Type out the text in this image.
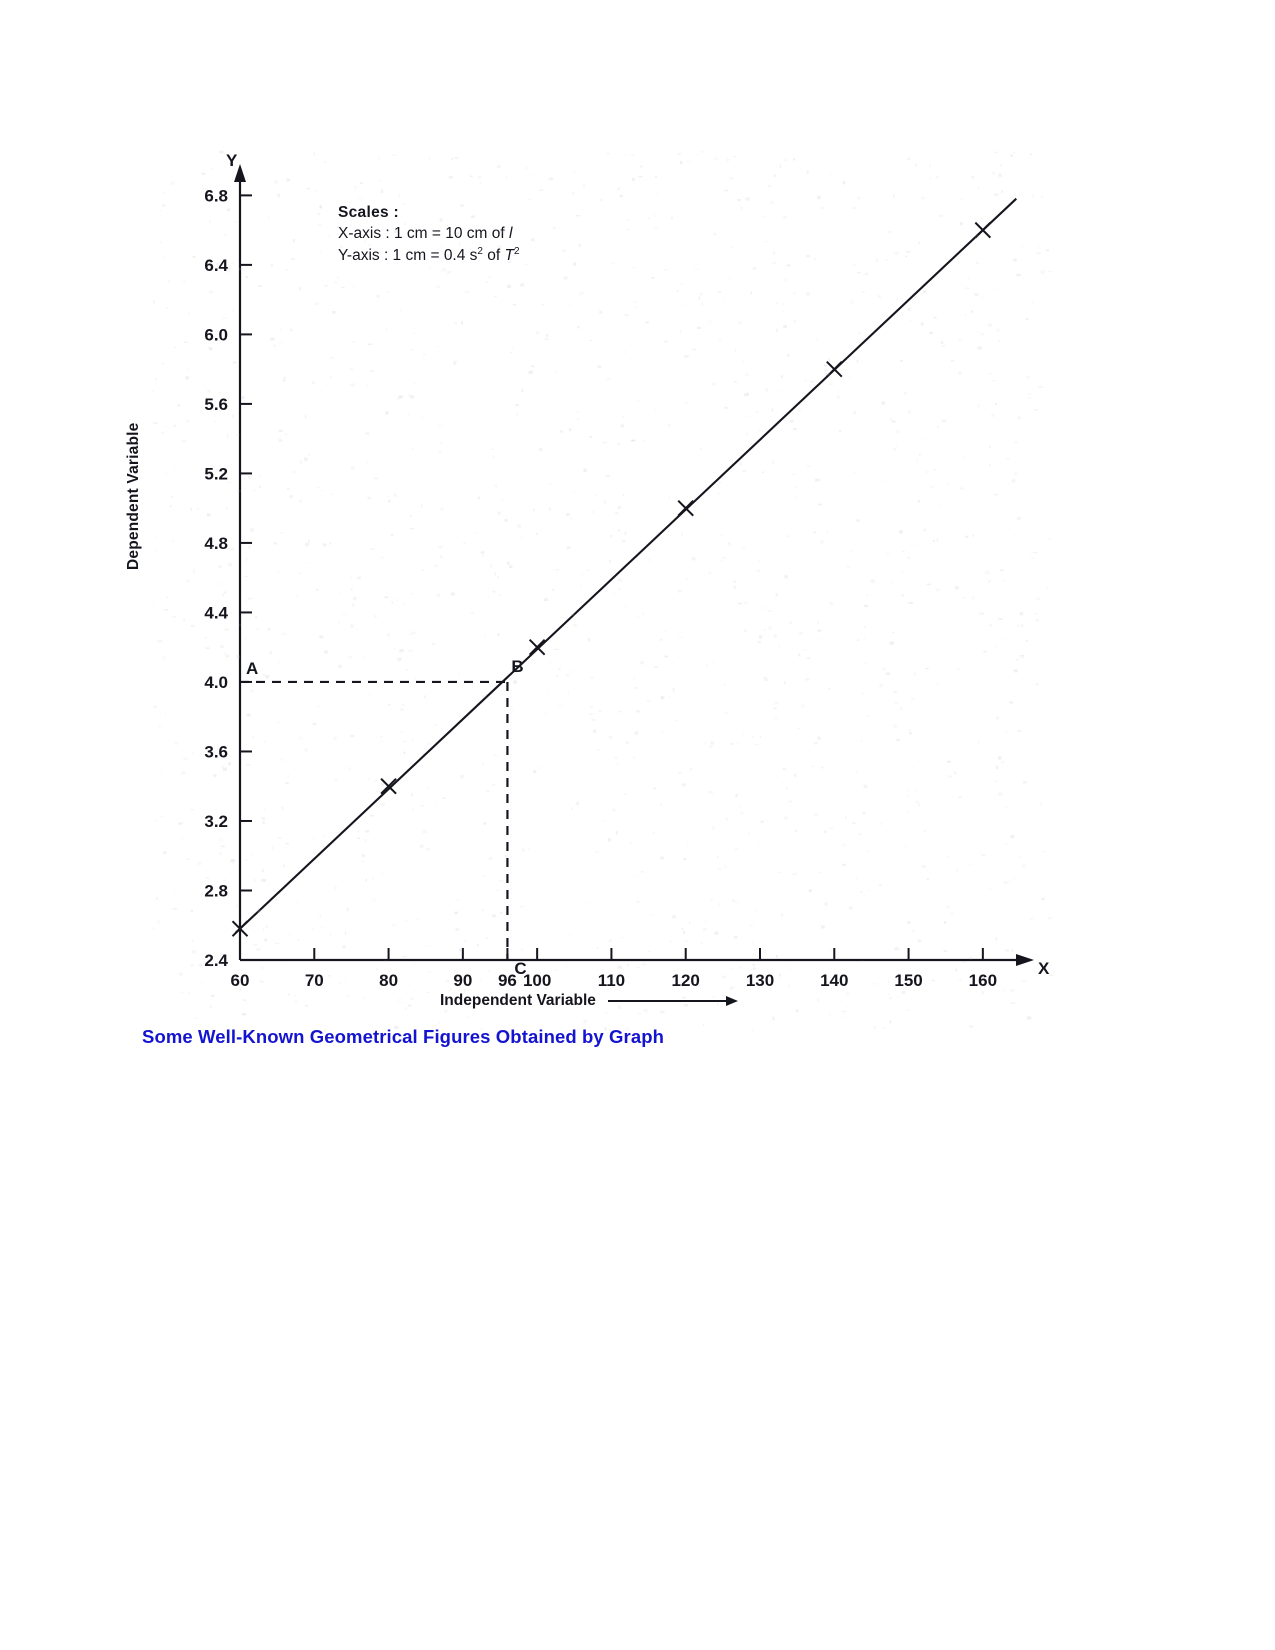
Dependent Variable
Independent Variable
Scales :
X-axis : 1 cm = 10 cm of l
Y-axis : 1 cm = 0.4 $s^2$ of $T^2$
Y
X
2.4
2.8
3.2
3.6
4.0
4.4
4.8
5.2
5.6
6.0
6.4
6.8
60	70	80	90 96 100	110	120	130	140	150	160
A	B
C
Some Well-Known Geometrical Figures Obtained by Graph
